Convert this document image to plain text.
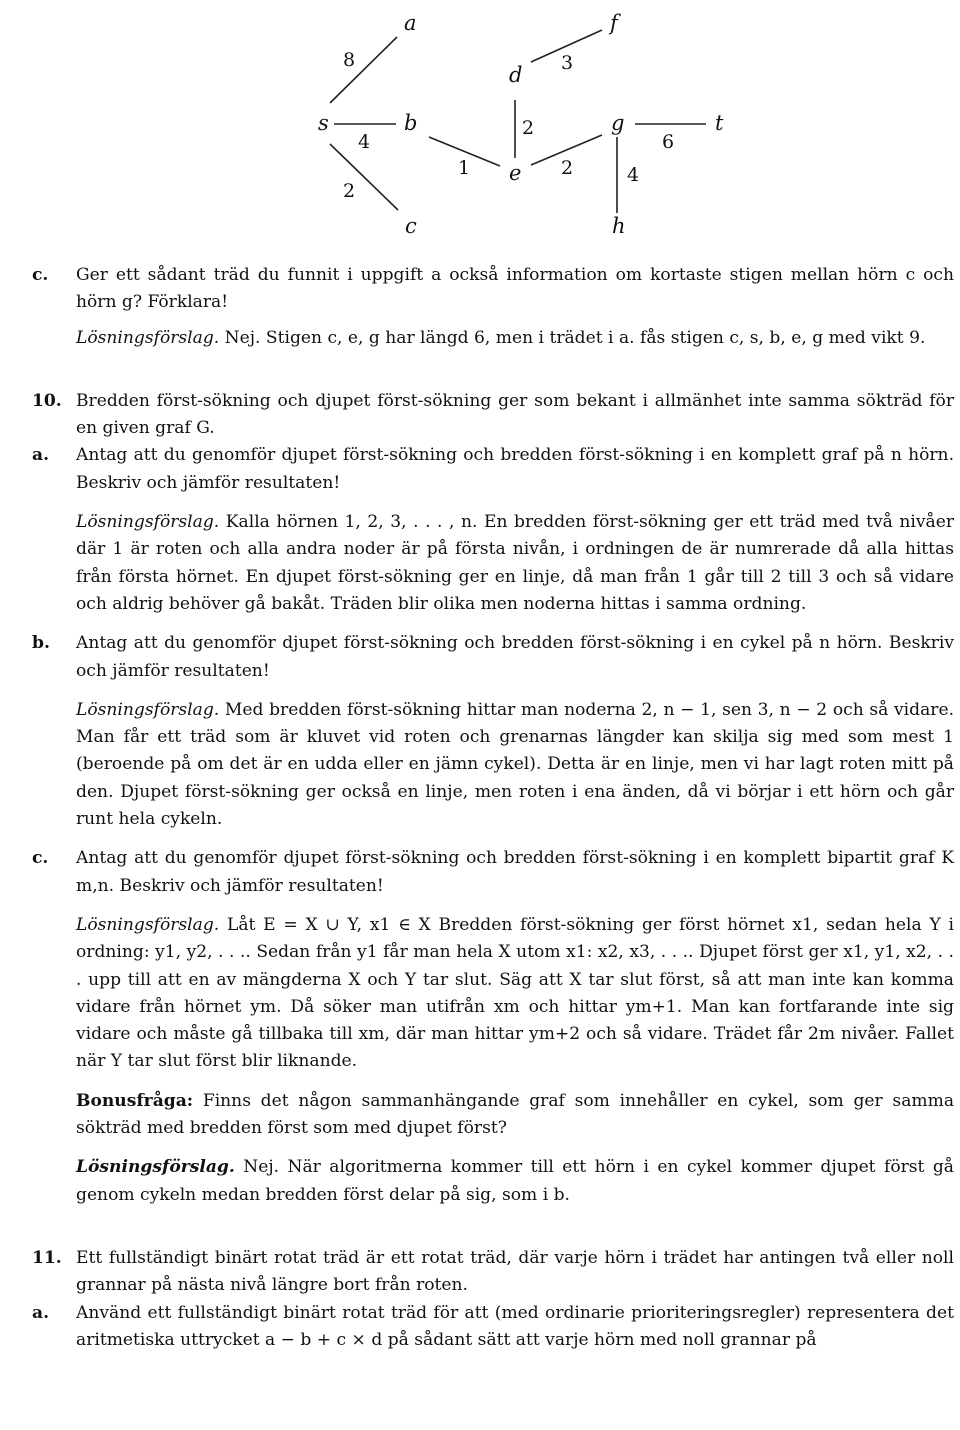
s
a
b
c
d
e
f
g
h
t
8
4
2
1
2
3
2	4
6
c. Ger ett sådant träd du funnit i uppgift a också information om kortaste stigen mellan hörn c och hörn g? Förklara!

Lösningsförslag. Nej. Stigen c, e, g har längd 6, men i trädet i a. fås stigen c, s, b, e, g med vikt 9.

10. Bredden först-sökning och djupet först-sökning ger som bekant i allmänhet inte samma sökträd för en given graf G.

a. Antag att du genomför djupet först-sökning och bredden först-sökning i en komplett graf på n hörn. Beskriv och jämför resultaten!

Lösningsförslag. Kalla hörnen 1, 2, 3, . . . , n. En bredden först-sökning ger ett träd med två nivåer där 1 är roten och alla andra noder är på första nivån, i ordningen de är numrerade då alla hittas från första hörnet. En djupet först-sökning ger en linje, då man från 1 går till 2 till 3 och så vidare och aldrig behöver gå bakåt. Träden blir olika men noderna hittas i samma ordning.

b. Antag att du genomför djupet först-sökning och bredden först-sökning i en cykel på n hörn. Beskriv och jämför resultaten!

Lösningsförslag. Med bredden först-sökning hittar man noderna 2, n − 1, sen 3, n − 2 och så vidare. Man får ett träd som är kluvet vid roten och grenarnas längder kan skilja sig med som mest 1 (beroende på om det är en udda eller en jämn cykel). Detta är en linje, men vi har lagt roten mitt på den. Djupet först-sökning ger också en linje, men roten i ena änden, då vi börjar i ett hörn och går runt hela cykeln.

c. Antag att du genomför djupet först-sökning och bredden först-sökning i en komplett bipartit graf K m,n. Beskriv och jämför resultaten!

Lösningsförslag. Låt E = X ∪ Y, x1 ∈ X Bredden först-sökning ger först hörnet x1, sedan hela Y i ordning: y1, y2, . . .. Sedan från y1 får man hela X utom x1: x2, x3, . . .. Djupet först ger x1, y1, x2, . . . upp till att en av mängderna X och Y tar slut. Säg att X tar slut först, så att man inte kan komma vidare från hörnet ym. Då söker man utifrån xm och hittar ym+1. Man kan fortfarande inte sig vidare och måste gå tillbaka till xm, där man hittar ym+2 och så vidare. Trädet får 2m nivåer. Fallet när Y tar slut först blir liknande.

Bonusfråga: Finns det någon sammanhängande graf som innehåller en cykel, som ger samma sökträd med bredden först som med djupet först?

Lösningsförslag. Nej. När algoritmerna kommer till ett hörn i en cykel kommer djupet först gå genom cykeln medan bredden först delar på sig, som i b.

11. Ett fullständigt binärt rotat träd är ett rotat träd, där varje hörn i trädet har antingen två eller noll grannar på nästa nivå längre bort från roten.

a. Använd ett fullständigt binärt rotat träd för att (med ordinarie prioriteringsregler) representera det aritmetiska uttrycket a − b + c × d på sådant sätt att varje hörn med noll grannar på
